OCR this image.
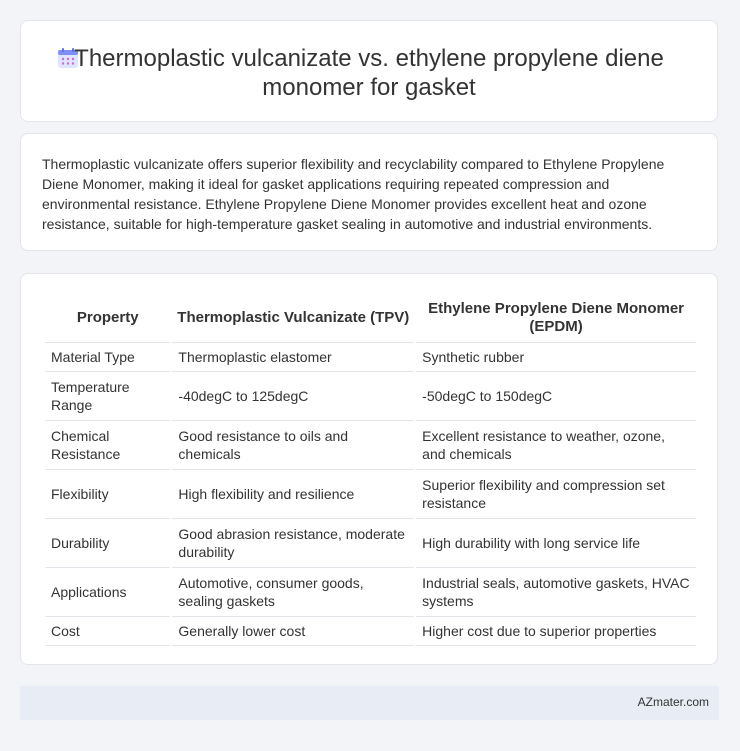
Thermoplastic vulcanizate vs. ethylene propylene diene
monomer for gasket

Thermoplastic vulcanizate offers superior flexibility and recyclability compared to Ethylene Propylene Diene Monomer, making it ideal for gasket applications requiring repeated compression and environmental resistance. Ethylene Propylene Diene Monomer provides excellent heat and ozone resistance, suitable for high-temperature gasket sealing in automotive and industrial environments.

Property	Thermoplastic Vulcanizate (TPV)	Ethylene Propylene Diene Monomer (EPDM)
Material Type	Thermoplastic elastomer	Synthetic rubber
Temperature Range	-40degC to 125degC	-50degC to 150degC
Chemical Resistance	Good resistance to oils and chemicals	Excellent resistance to weather, ozone, and chemicals
Flexibility	High flexibility and resilience	Superior flexibility and compression set resistance
Durability	Good abrasion resistance, moderate durability	High durability with long service life
Applications	Automotive, consumer goods, sealing gaskets	Industrial seals, automotive gaskets, HVAC systems
Cost	Generally lower cost	Higher cost due to superior properties
AZmater.com
